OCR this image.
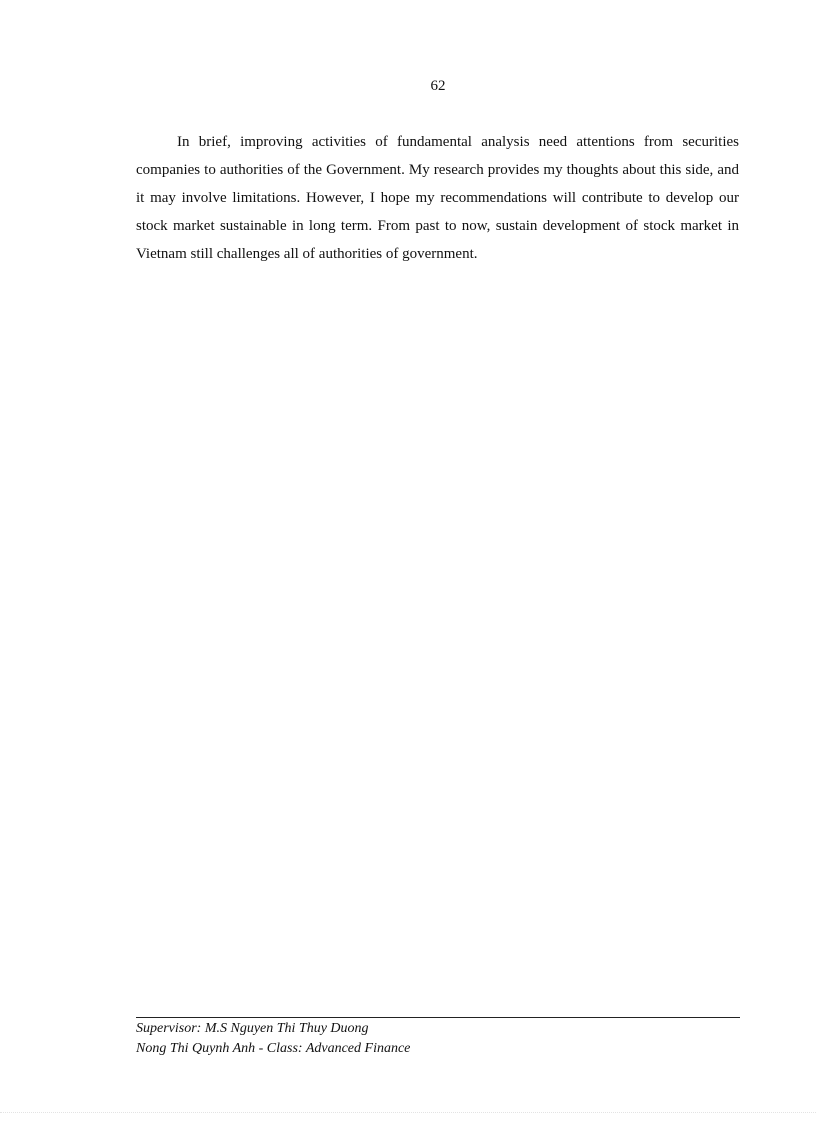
62

In brief, improving activities of fundamental analysis need attentions from securities companies to authorities of the Government. My research provides my thoughts about this side, and it may involve limitations. However, I hope my recommendations will contribute to develop our stock market sustainable in long term. From past to now, sustain development of stock market in Vietnam still challenges all of authorities of government.

Supervisor: M.S Nguyen Thi Thuy Duong
Nong Thi Quynh Anh - Class: Advanced Finance
